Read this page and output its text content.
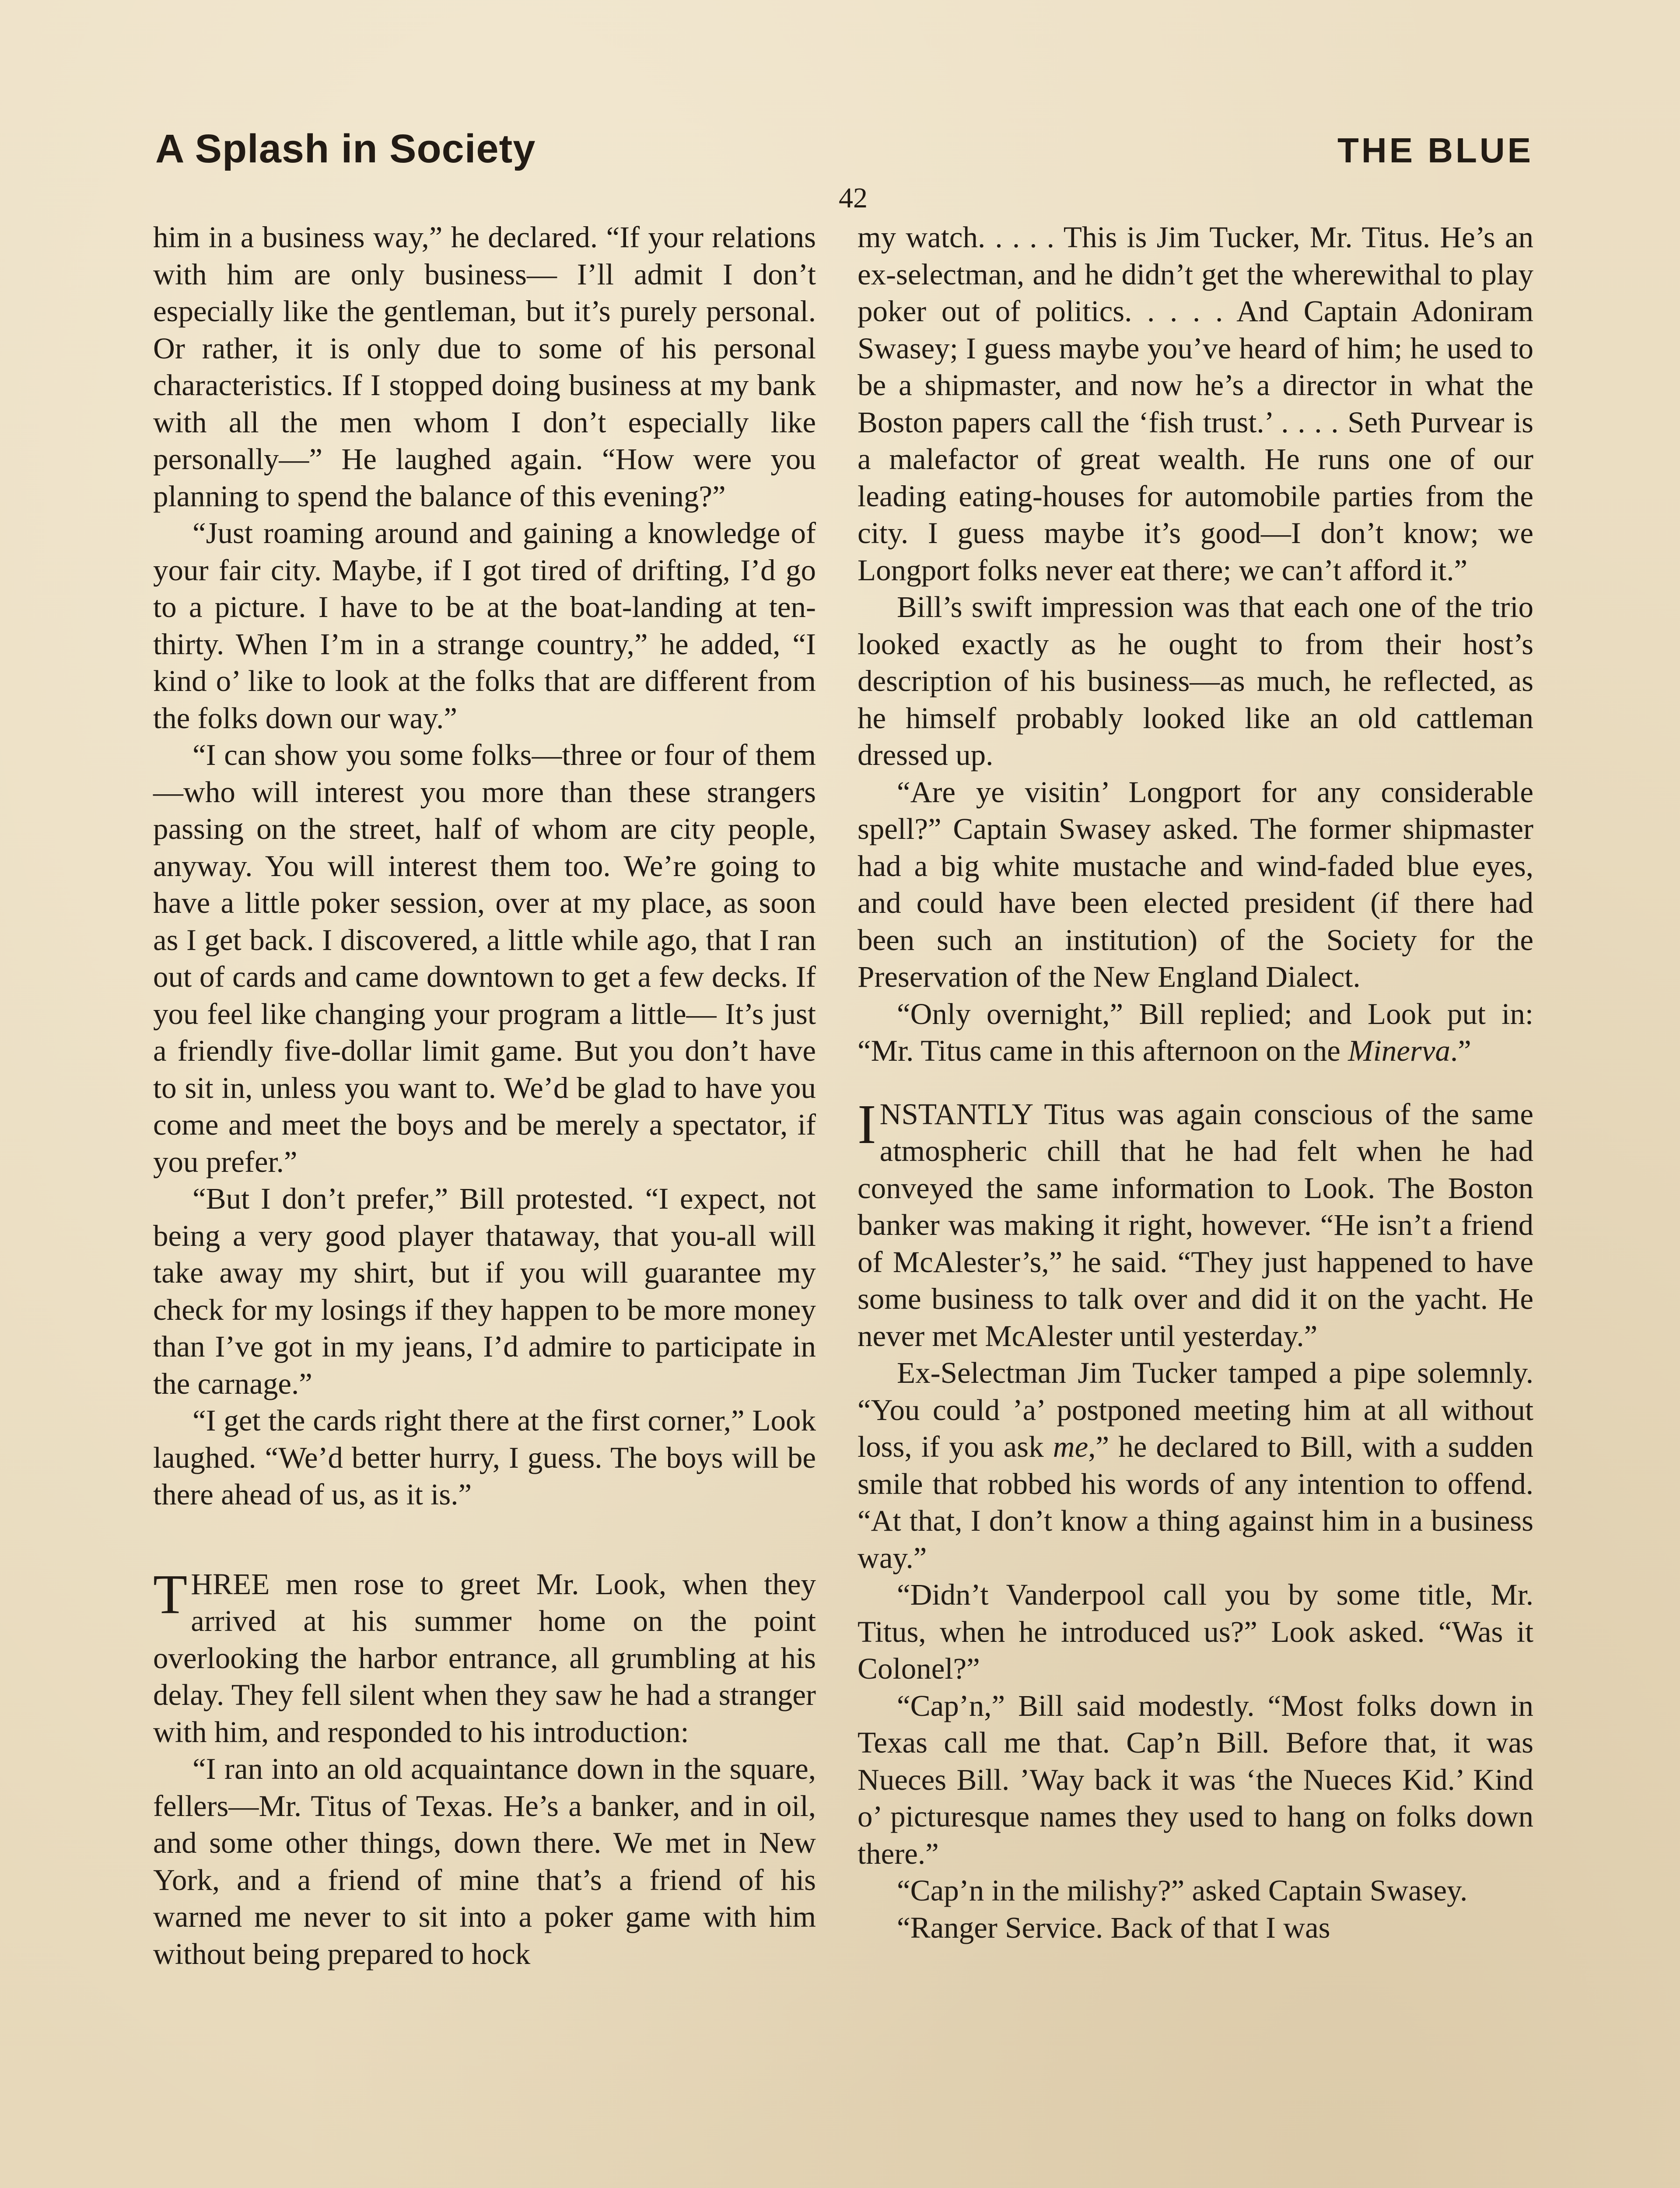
A Splash in Society	THE BLUE
42

him in a business way,” he declared. “If your relations with him are only business— I’ll admit I don’t especially like the gentleman, but it’s purely personal. Or rather, it is only due to some of his personal characteristics. If I stopped doing business at my bank with all the men whom I don’t especially like personally—” He laughed again. “How were you planning to spend the balance of this evening?”

“Just roaming around and gaining a knowledge of your fair city. Maybe, if I got tired of drifting, I’d go to a picture. I have to be at the boat-landing at ten-thirty. When I’m in a strange country,” he added, “I kind o’ like to look at the folks that are different from the folks down our way.”

“I can show you some folks—three or four of them—who will interest you more than these strangers passing on the street, half of whom are city people, anyway. You will interest them too. We’re going to have a little poker session, over at my place, as soon as I get back. I discovered, a little while ago, that I ran out of cards and came downtown to get a few decks. If you feel like changing your program a little— It’s just a friendly five-dollar limit game. But you don’t have to sit in, unless you want to. We’d be glad to have you come and meet the boys and be merely a spectator, if you prefer.”

“But I don’t prefer,” Bill protested. “I expect, not being a very good player thataway, that you-all will take away my shirt, but if you will guarantee my check for my losings if they happen to be more money than I’ve got in my jeans, I’d admire to participate in the carnage.”

“I get the cards right there at the first corner,” Look laughed. “We’d better hurry, I guess. The boys will be there ahead of us, as it is.”

THREE men rose to greet Mr. Look, when they arrived at his summer home on the point overlooking the harbor entrance, all grumbling at his delay. They fell silent when they saw he had a stranger with him, and responded to his introduction:

“I ran into an old acquaintance down in the square, fellers—Mr. Titus of Texas. He’s a banker, and in oil, and some other things, down there. We met in New York, and a friend of mine that’s a friend of his warned me never to sit into a poker game with him without being prepared to hock

my watch. . . . . This is Jim Tucker, Mr. Titus. He’s an ex-selectman, and he didn’t get the wherewithal to play poker out of politics. . . . . And Captain Adoniram Swasey; I guess maybe you’ve heard of him; he used to be a shipmaster, and now he’s a director in what the Boston papers call the ‘fish trust.’ . . . . Seth Purvear is a malefactor of great wealth. He runs one of our leading eating-houses for automobile parties from the city. I guess maybe it’s good—I don’t know; we Longport folks never eat there; we can’t afford it.”

Bill’s swift impression was that each one of the trio looked exactly as he ought to from their host’s description of his business—as much, he reflected, as he himself probably looked like an old cattleman dressed up.

“Are ye visitin’ Longport for any considerable spell?” Captain Swasey asked. The former shipmaster had a big white mustache and wind-faded blue eyes, and could have been elected president (if there had been such an institution) of the Society for the Preservation of the New England Dialect.

“Only overnight,” Bill replied; and Look put in: “Mr. Titus came in this afternoon on the Minerva.”

INSTANTLY Titus was again conscious of the same atmospheric chill that he had felt when he had conveyed the same information to Look. The Boston banker was making it right, however. “He isn’t a friend of McAlester’s,” he said. “They just happened to have some business to talk over and did it on the yacht. He never met McAlester until yesterday.”

Ex-Selectman Jim Tucker tamped a pipe solemnly. “You could ’a’ postponed meeting him at all without loss, if you ask me,” he declared to Bill, with a sudden smile that robbed his words of any intention to offend. “At that, I don’t know a thing against him in a business way.”

“Didn’t Vanderpool call you by some title, Mr. Titus, when he introduced us?” Look asked. “Was it Colonel?”

“Cap’n,” Bill said modestly. “Most folks down in Texas call me that. Cap’n Bill. Before that, it was Nueces Bill. ’Way back it was ‘the Nueces Kid.’ Kind o’ picturesque names they used to hang on folks down there.”

“Cap’n in the milishy?” asked Captain Swasey.

“Ranger Service. Back of that I was
